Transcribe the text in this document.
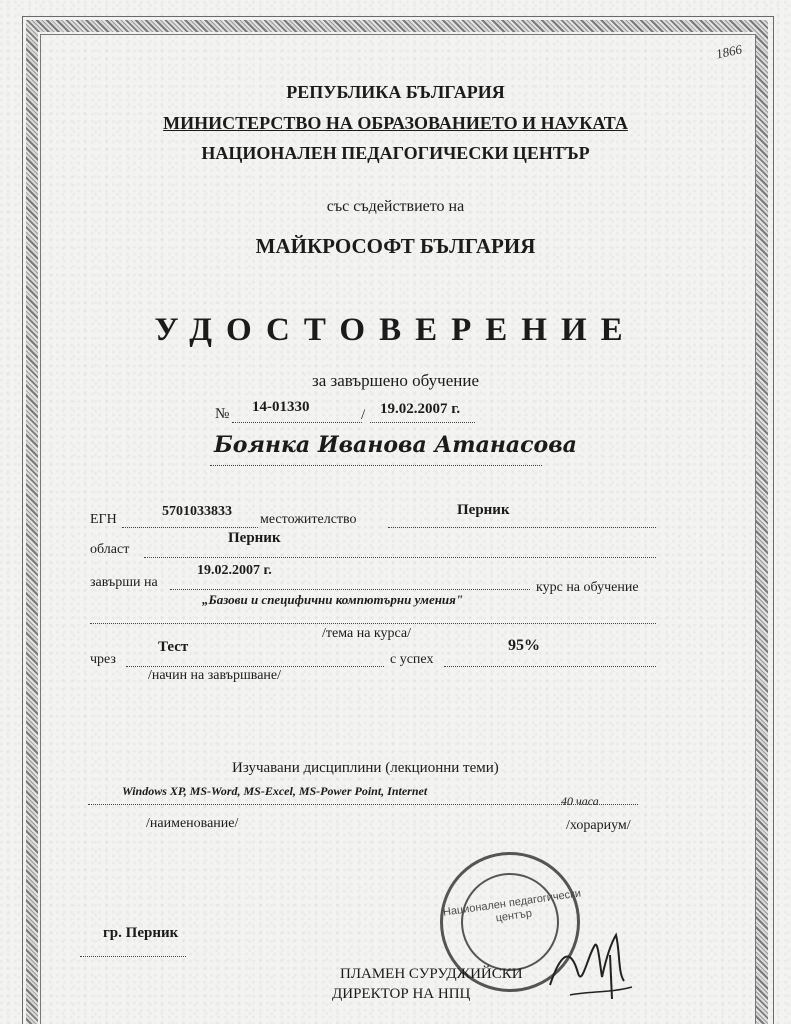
1866
РЕПУБЛИКА БЪЛГАРИЯ
МИНИСТЕРСТВО НА ОБРАЗОВАНИЕТО И НАУКАТА
НАЦИОНАЛЕН ПЕДАГОГИЧЕСКИ ЦЕНТЪР
със съдействието на
МАЙКРОСОФТ БЪЛГАРИЯ
УДОСТОВЕРЕНИЕ
за завършено обучение
№ 14-01330	/ 19.02.2007 г.
Боянка Иванова Атанасова
ЕГН
5701033833
местожителство
Перник
област
Перник
завърши на
19.02.2007 г.
„Базови и специфични компютърни умения"
курс на обучение
/тема на курса/
чрез
Тест
с успех
95%
/начин на завършване/
Изучавани дисциплини (лекционни теми)
Windows XP, MS-Word, MS-Excel, MS-Power Point, Internet
40 часа
/наименование/	/хорариум/
Национален педагогически център
гр. Перник
ПЛАМЕН СУРУДЖИЙСКИ
ДИРЕКТОР НА НПЦ
